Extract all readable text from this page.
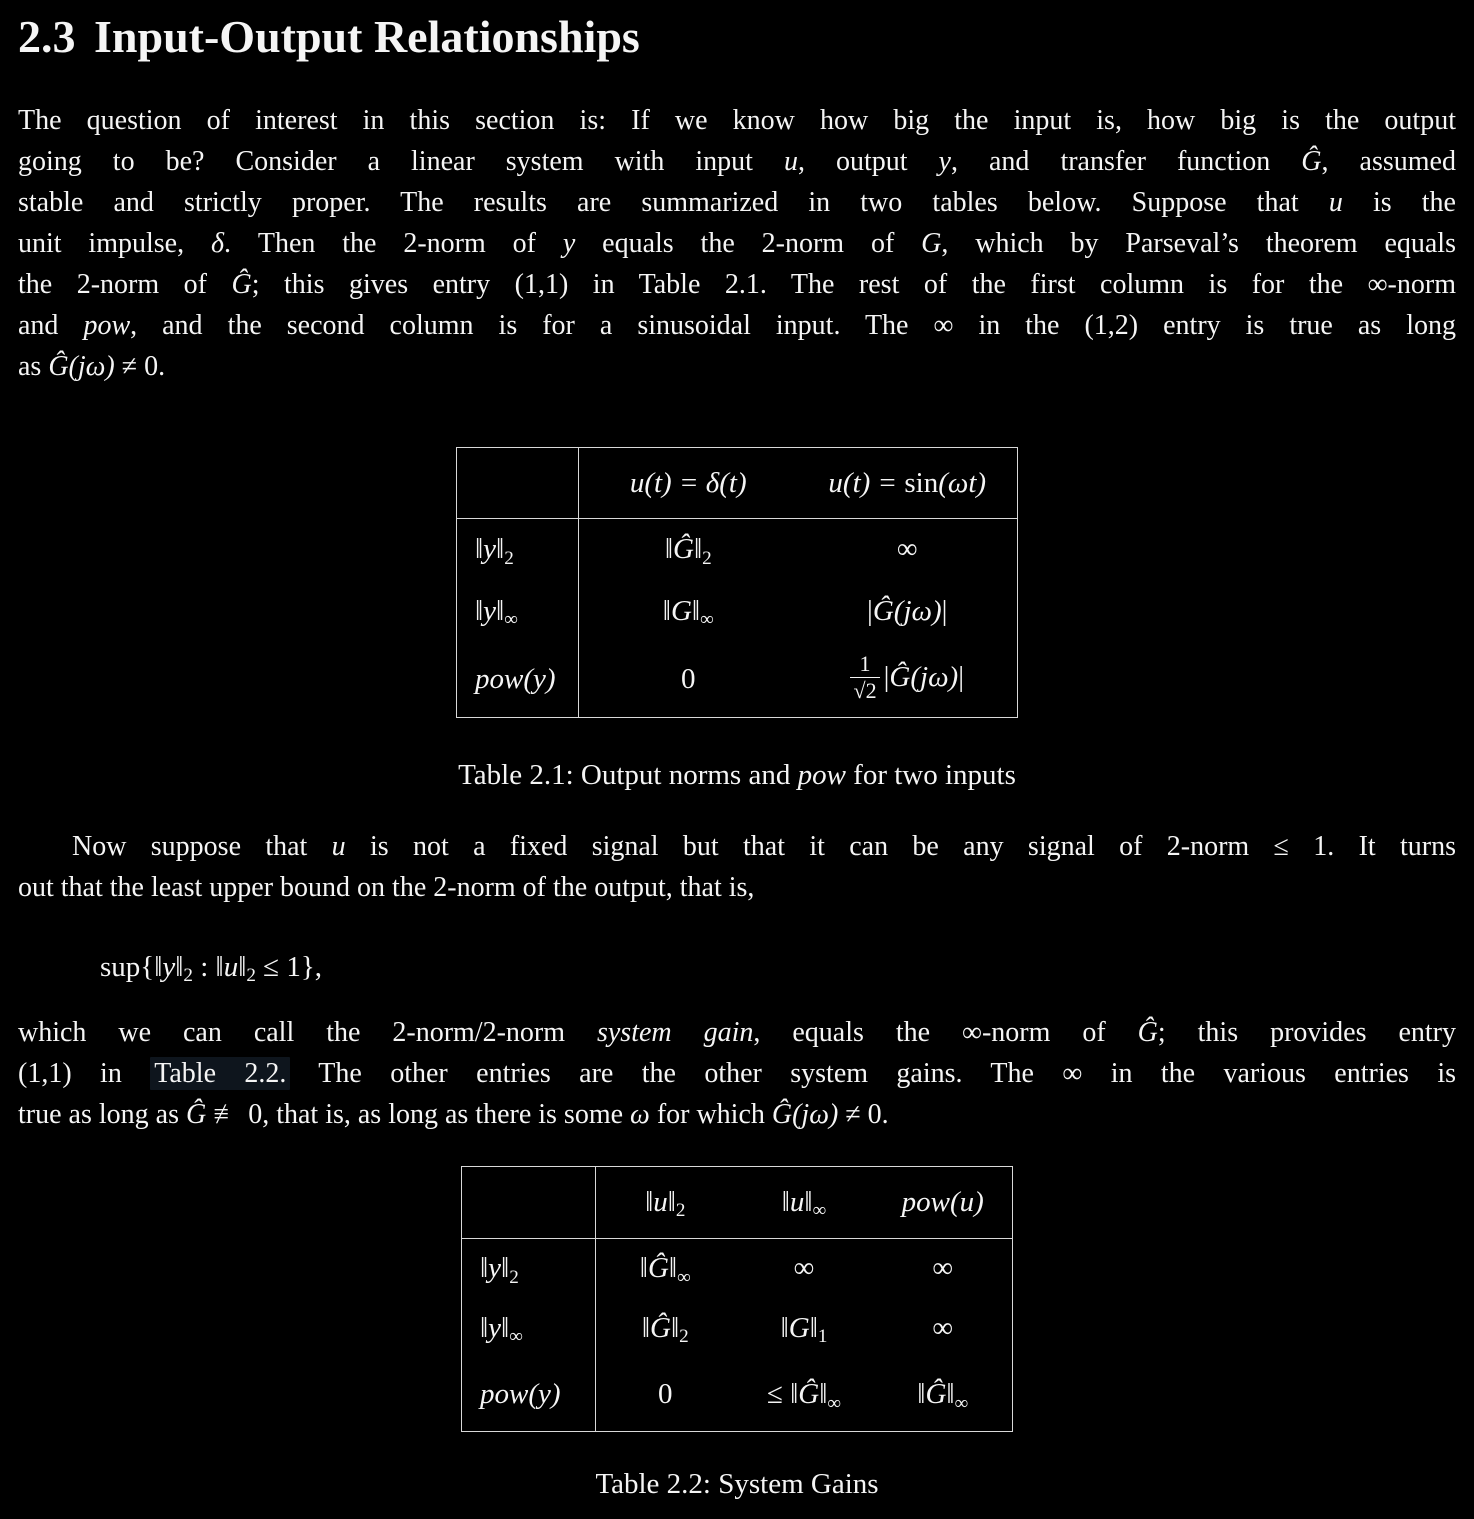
2.3 Input-Output Relationships
The question of interest in this section is: If we know how big the input is, how big is the output
going to be? Consider a linear system with input u, output y, and transfer function Ĝ, assumed
stable and strictly proper. The results are summarized in two tables below. Suppose that u is the
unit impulse, δ. Then the 2-norm of y equals the 2-norm of G, which by Parseval’s theorem equals
the 2-norm of Ĝ; this gives entry (1,1) in Table 2.1. The rest of the first column is for the ∞-norm
and pow, and the second column is for a sinusoidal input. The ∞ in the (1,2) entry is true as long
as Ĝ(jω) ≠ 0.
	u(t) = δ(t)	u(t) = sin(ωt)
$‖y‖_2$	$‖Ĝ‖_2$	∞
$‖y‖_\infty$	$‖G‖_\infty$	|Ĝ(jω)|
pow(y)	0	$\frac{1}{√2}$ |Ĝ(jω)|
Table 2.1: Output norms and pow for two inputs
Now suppose that u is not a fixed signal but that it can be any signal of 2-norm ≤ 1. It turns
out that the least upper bound on the 2-norm of the output, that is,
$sup\{‖y‖_2$ : $‖u‖_2 \le 1$},
which we can call the 2-norm/2-norm system gain, equals the ∞-norm of Ĝ; this provides entry
(1,1) in Table 2.2. The other entries are the other system gains. The ∞ in the various entries is
true as long as Ĝ ≢ 0, that is, as long as there is some ω for which Ĝ(jω) ≠ 0.
	$‖u‖_2$	$‖u‖_\infty$	pow(u)
$‖y‖_2$	$‖Ĝ‖_\infty$	∞	∞
$‖y‖_\infty$	$‖Ĝ‖_2$	$‖G‖_1$	∞
pow(y)	0	≤ $‖Ĝ‖_\infty$	$‖Ĝ‖_\infty$
Table 2.2: System Gains
